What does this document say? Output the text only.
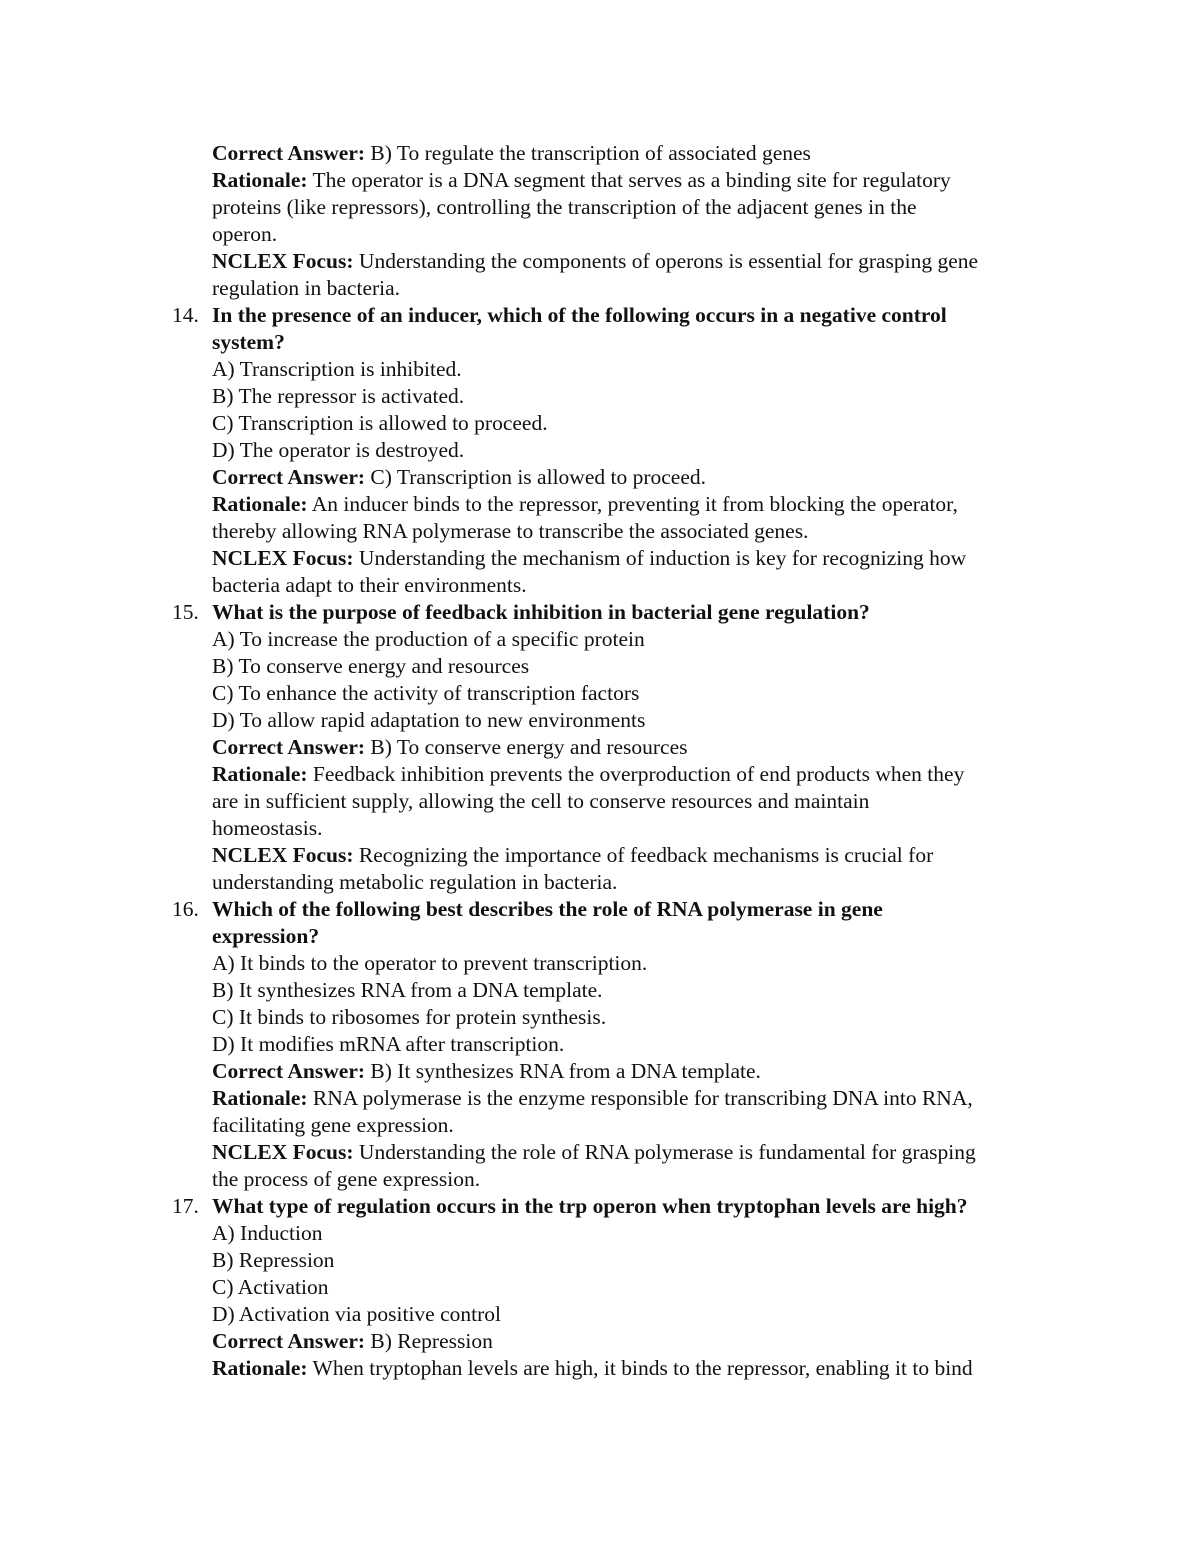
Correct Answer: B) To regulate the transcription of associated genes
Rationale: The operator is a DNA segment that serves as a binding site for regulatory
proteins (like repressors), controlling the transcription of the adjacent genes in the
operon.
NCLEX Focus: Understanding the components of operons is essential for grasping gene
regulation in bacteria.
14. In the presence of an inducer, which of the following occurs in a negative control
system?
A) Transcription is inhibited.
B) The repressor is activated.
C) Transcription is allowed to proceed.
D) The operator is destroyed.
Correct Answer: C) Transcription is allowed to proceed.
Rationale: An inducer binds to the repressor, preventing it from blocking the operator,
thereby allowing RNA polymerase to transcribe the associated genes.
NCLEX Focus: Understanding the mechanism of induction is key for recognizing how
bacteria adapt to their environments.
15. What is the purpose of feedback inhibition in bacterial gene regulation?
A) To increase the production of a specific protein
B) To conserve energy and resources
C) To enhance the activity of transcription factors
D) To allow rapid adaptation to new environments
Correct Answer: B) To conserve energy and resources
Rationale: Feedback inhibition prevents the overproduction of end products when they
are in sufficient supply, allowing the cell to conserve resources and maintain
homeostasis.
NCLEX Focus: Recognizing the importance of feedback mechanisms is crucial for
understanding metabolic regulation in bacteria.
16. Which of the following best describes the role of RNA polymerase in gene
expression?
A) It binds to the operator to prevent transcription.
B) It synthesizes RNA from a DNA template.
C) It binds to ribosomes for protein synthesis.
D) It modifies mRNA after transcription.
Correct Answer: B) It synthesizes RNA from a DNA template.
Rationale: RNA polymerase is the enzyme responsible for transcribing DNA into RNA,
facilitating gene expression.
NCLEX Focus: Understanding the role of RNA polymerase is fundamental for grasping
the process of gene expression.
17. What type of regulation occurs in the trp operon when tryptophan levels are high?
A) Induction
B) Repression
C) Activation
D) Activation via positive control
Correct Answer: B) Repression
Rationale: When tryptophan levels are high, it binds to the repressor, enabling it to bind
